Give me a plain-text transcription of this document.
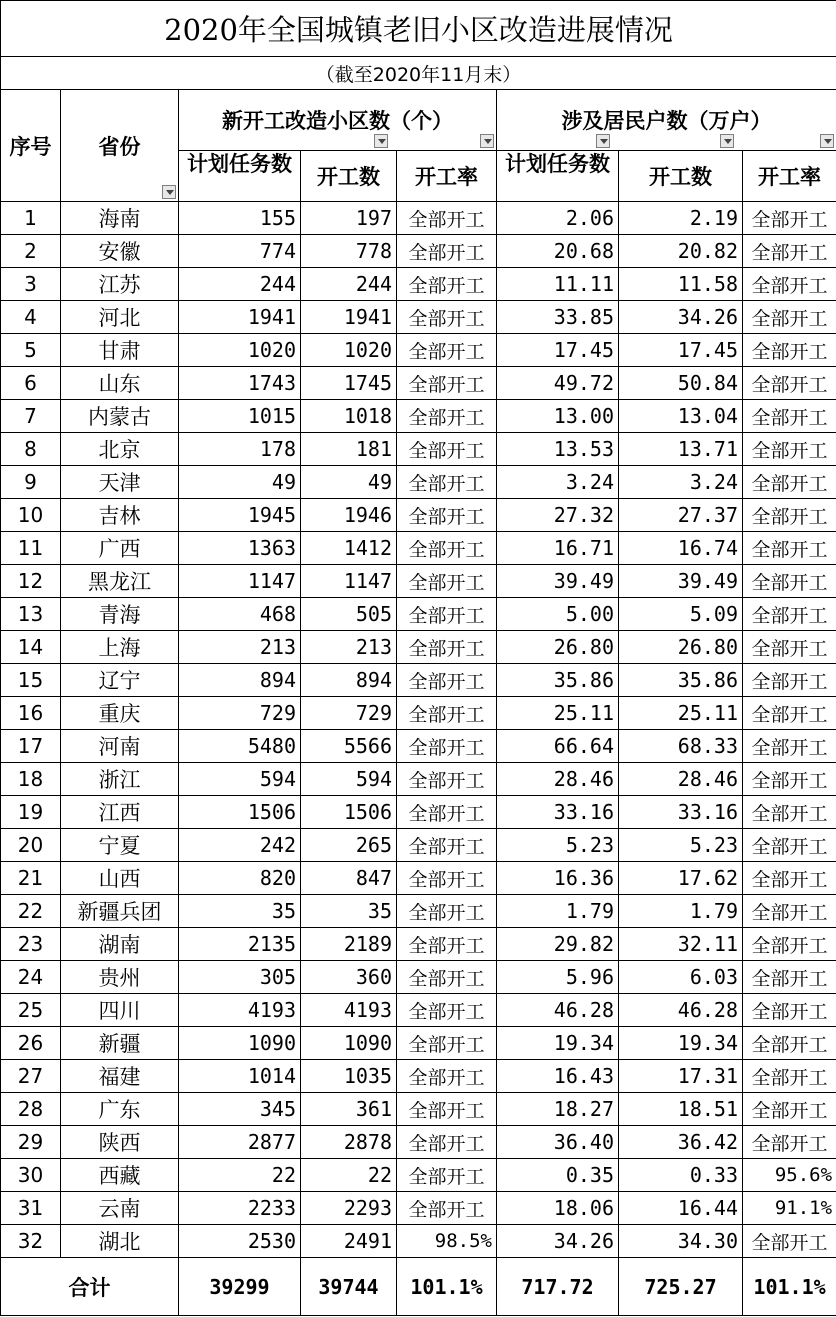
2020年全国城镇老旧小区改造进展情况							
（截至2020年11月末）							
序号	省份	新开工改造小区数（个）			涉及居民户数（万户）		

		计划任务数	开工数	开工率	计划任务数	开工数	开工率
1	海南	155	197	全部开工	2.06	2.19	全部开工
2	安徽	774	778	全部开工	20.68	20.82	全部开工
3	江苏	244	244	全部开工	11.11	11.58	全部开工
4	河北	1941	1941	全部开工	33.85	34.26	全部开工
5	甘肃	1020	1020	全部开工	17.45	17.45	全部开工
6	山东	1743	1745	全部开工	49.72	50.84	全部开工
7	内蒙古	1015	1018	全部开工	13.00	13.04	全部开工
8	北京	178	181	全部开工	13.53	13.71	全部开工
9	天津	49	49	全部开工	3.24	3.24	全部开工
10	吉林	1945	1946	全部开工	27.32	27.37	全部开工
11	广西	1363	1412	全部开工	16.71	16.74	全部开工
12	黑龙江	1147	1147	全部开工	39.49	39.49	全部开工
13	青海	468	505	全部开工	5.00	5.09	全部开工
14	上海	213	213	全部开工	26.80	26.80	全部开工
15	辽宁	894	894	全部开工	35.86	35.86	全部开工
16	重庆	729	729	全部开工	25.11	25.11	全部开工
17	河南	5480	5566	全部开工	66.64	68.33	全部开工
18	浙江	594	594	全部开工	28.46	28.46	全部开工
19	江西	1506	1506	全部开工	33.16	33.16	全部开工
20	宁夏	242	265	全部开工	5.23	5.23	全部开工
21	山西	820	847	全部开工	16.36	17.62	全部开工
22	新疆兵团	35	35	全部开工	1.79	1.79	全部开工
23	湖南	2135	2189	全部开工	29.82	32.11	全部开工
24	贵州	305	360	全部开工	5.96	6.03	全部开工
25	四川	4193	4193	全部开工	46.28	46.28	全部开工
26	新疆	1090	1090	全部开工	19.34	19.34	全部开工
27	福建	1014	1035	全部开工	16.43	17.31	全部开工
28	广东	345	361	全部开工	18.27	18.51	全部开工
29	陕西	2877	2878	全部开工	36.40	36.42	全部开工
30	西藏	22	22	全部开工	0.35	0.33	95.6%
31	云南	2233	2293	全部开工	18.06	16.44	91.1%
32	湖北	2530	2491	98.5%	34.26	34.30	全部开工
合计		39299	39744	101.1%	717.72	725.27	101.1%
